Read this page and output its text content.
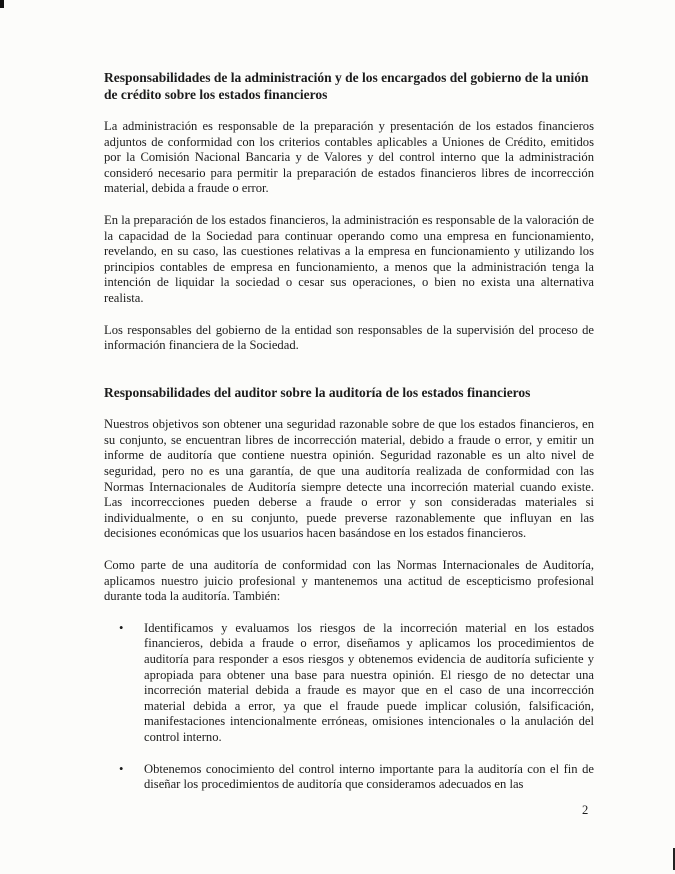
Responsabilidades de la administración y de los encargados del gobierno de la unión de crédito sobre los estados financieros

La administración es responsable de la preparación y presentación de los estados financieros adjuntos de conformidad con los criterios contables aplicables a Uniones de Crédito, emitidos por la Comisión Nacional Bancaria y de Valores y del control interno que la administración consideró necesario para permitir la preparación de estados financieros libres de incorrección material, debida a fraude o error.

En la preparación de los estados financieros, la administración es responsable de la valoración de la capacidad de la Sociedad para continuar operando como una empresa en funcionamiento, revelando, en su caso, las cuestiones relativas a la empresa en funcionamiento y utilizando los principios contables de empresa en funcionamiento, a menos que la administración tenga la intención de liquidar la sociedad o cesar sus operaciones, o bien no exista una alternativa realista.

Los responsables del gobierno de la entidad son responsables de la supervisión del proceso de información financiera de la Sociedad.

Responsabilidades del auditor sobre la auditoría de los estados financieros

Nuestros objetivos son obtener una seguridad razonable sobre de que los estados financieros, en su conjunto, se encuentran libres de incorrección material, debido a fraude o error, y emitir un informe de auditoría que contiene nuestra opinión. Seguridad razonable es un alto nivel de seguridad, pero no es una garantía, de que una auditoría realizada de conformidad con las Normas Internacionales de Auditoría siempre detecte una incorreción material cuando existe. Las incorrecciones pueden deberse a fraude o error y son consideradas materiales si individualmente, o en su conjunto, puede preverse razonablemente que influyan en las decisiones económicas que los usuarios hacen basándose en los estados financieros.

Como parte de una auditoría de conformidad con las Normas Internacionales de Auditoría, aplicamos nuestro juicio profesional y mantenemos una actitud de escepticismo profesional durante toda la auditoría. También:

• Identificamos y evaluamos los riesgos de la incorreción material en los estados financieros, debida a fraude o error, diseñamos y aplicamos los procedimientos de auditoría para responder a esos riesgos y obtenemos evidencia de auditoría suficiente y apropiada para obtener una base para nuestra opinión. El riesgo de no detectar una incorreción material debida a fraude es mayor que en el caso de una incorrección material debida a error, ya que el fraude puede implicar colusión, falsificación, manifestaciones intencionalmente erróneas, omisiones intencionales o la anulación del control interno.
• Obtenemos conocimiento del control interno importante para la auditoría con el fin de diseñar los procedimientos de auditoría que consideramos adecuados en las
2
